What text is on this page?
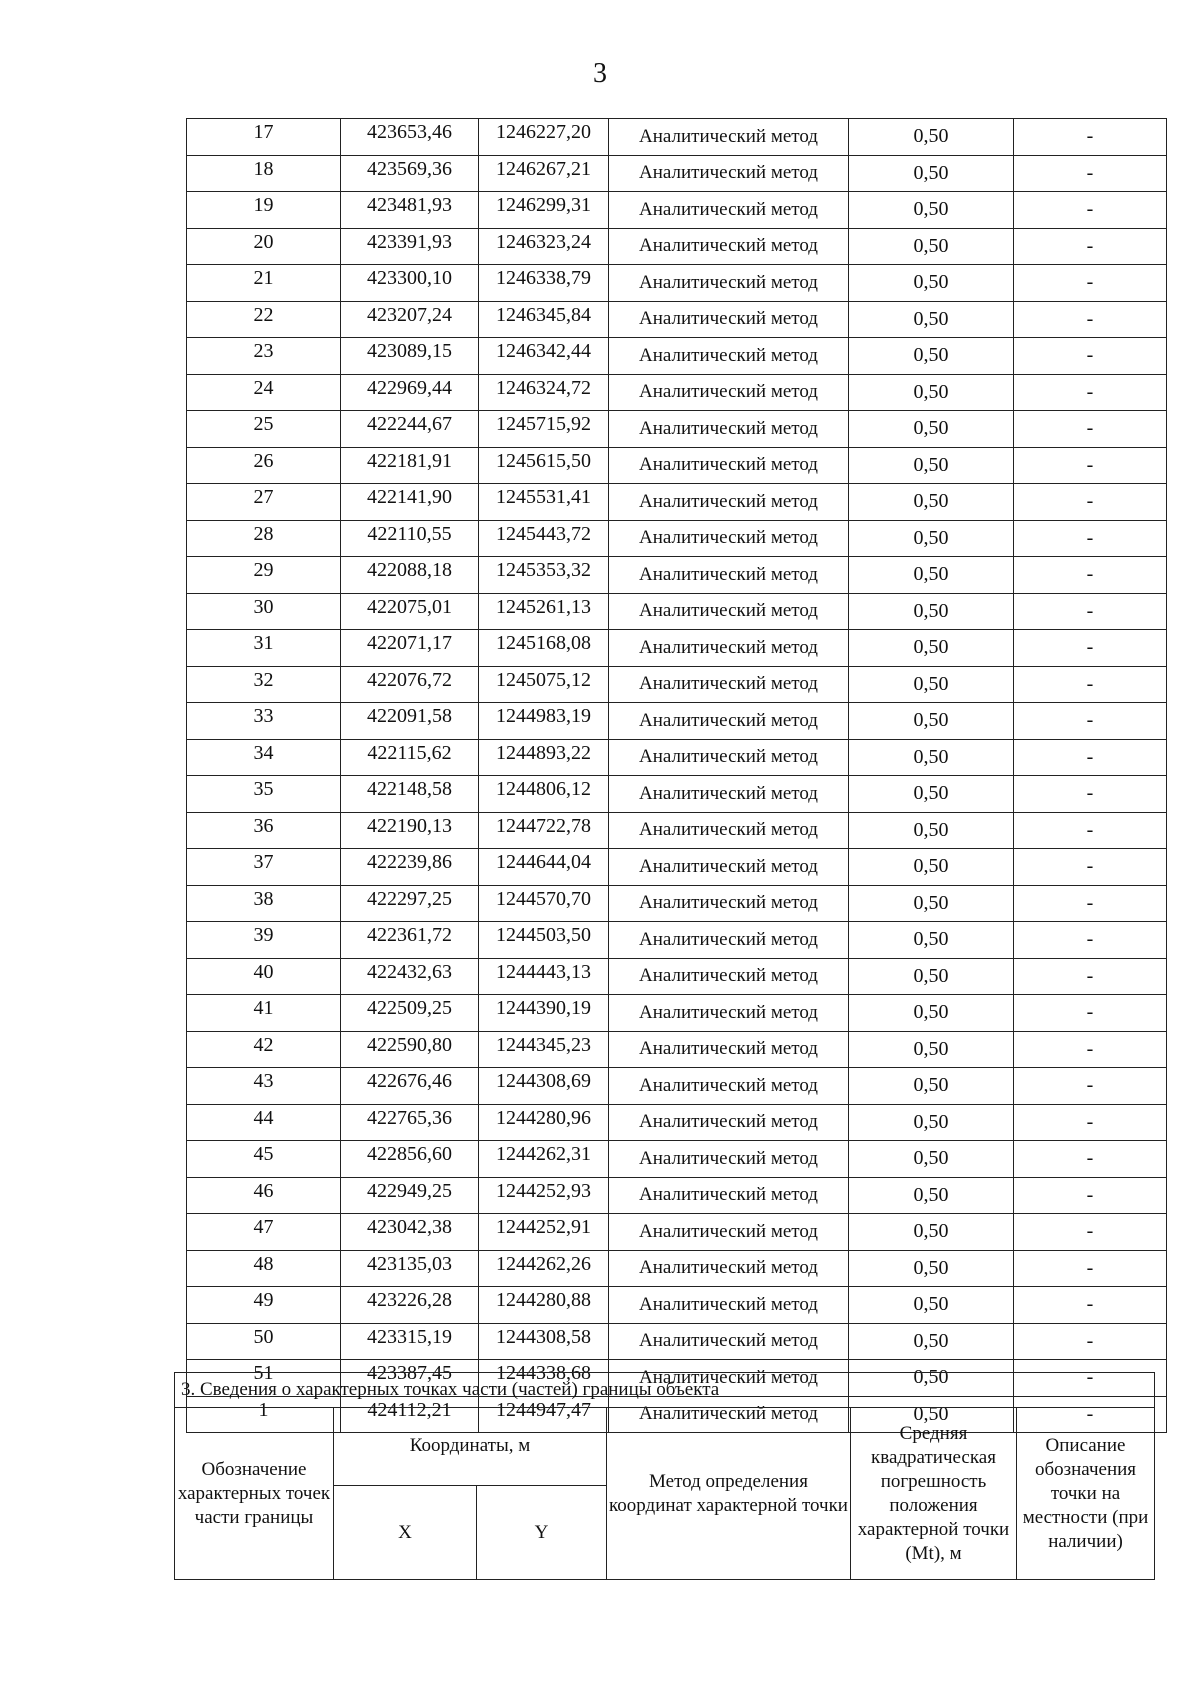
3
17	423653,46	1246227,20	Аналитический метод	0,50	-
18	423569,36	1246267,21	Аналитический метод	0,50	-
19	423481,93	1246299,31	Аналитический метод	0,50	-
20	423391,93	1246323,24	Аналитический метод	0,50	-
21	423300,10	1246338,79	Аналитический метод	0,50	-
22	423207,24	1246345,84	Аналитический метод	0,50	-
23	423089,15	1246342,44	Аналитический метод	0,50	-
24	422969,44	1246324,72	Аналитический метод	0,50	-
25	422244,67	1245715,92	Аналитический метод	0,50	-
26	422181,91	1245615,50	Аналитический метод	0,50	-
27	422141,90	1245531,41	Аналитический метод	0,50	-
28	422110,55	1245443,72	Аналитический метод	0,50	-
29	422088,18	1245353,32	Аналитический метод	0,50	-
30	422075,01	1245261,13	Аналитический метод	0,50	-
31	422071,17	1245168,08	Аналитический метод	0,50	-
32	422076,72	1245075,12	Аналитический метод	0,50	-
33	422091,58	1244983,19	Аналитический метод	0,50	-
34	422115,62	1244893,22	Аналитический метод	0,50	-
35	422148,58	1244806,12	Аналитический метод	0,50	-
36	422190,13	1244722,78	Аналитический метод	0,50	-
37	422239,86	1244644,04	Аналитический метод	0,50	-
38	422297,25	1244570,70	Аналитический метод	0,50	-
39	422361,72	1244503,50	Аналитический метод	0,50	-
40	422432,63	1244443,13	Аналитический метод	0,50	-
41	422509,25	1244390,19	Аналитический метод	0,50	-
42	422590,80	1244345,23	Аналитический метод	0,50	-
43	422676,46	1244308,69	Аналитический метод	0,50	-
44	422765,36	1244280,96	Аналитический метод	0,50	-
45	422856,60	1244262,31	Аналитический метод	0,50	-
46	422949,25	1244252,93	Аналитический метод	0,50	-
47	423042,38	1244252,91	Аналитический метод	0,50	-
48	423135,03	1244262,26	Аналитический метод	0,50	-
49	423226,28	1244280,88	Аналитический метод	0,50	-
50	423315,19	1244308,58	Аналитический метод	0,50	-
51	423387,45	1244338,68	Аналитический метод	0,50	-
1	424112,21	1244947,47	Аналитический метод	0,50	-
3. Сведения о характерных точках части (частей) границы объекта					
Обозначение характерных точек части границы	Координаты, м		Метод определения координат характерной точки	Средняя квадратическая погрешность положения характерной точки (Mt), м	Описание обозначения точки на местности (при наличии)
	X	Y			
